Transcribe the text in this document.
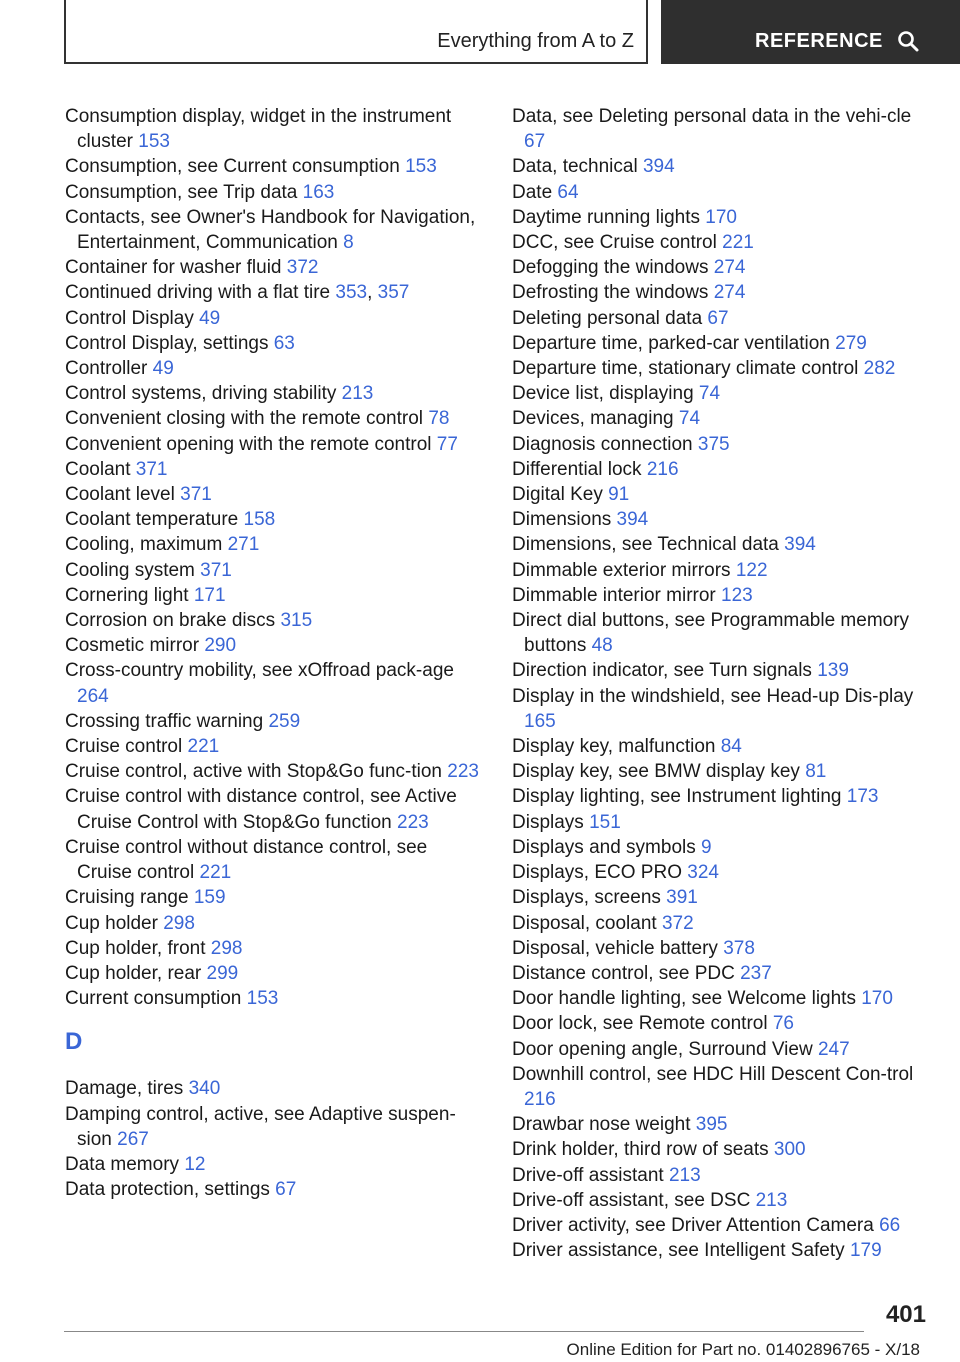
Everything from A to Z	REFERENCE
Consumption display, widget in the instrument cluster 153
Consumption, see Current consumption 153
Consumption, see Trip data 163
Contacts, see Owner's Handbook for Navigation, Entertainment, Communication 8
Container for washer fluid 372
Continued driving with a flat tire 353, 357
Control Display 49
Control Display, settings 63
Controller 49
Control systems, driving stability 213
Convenient closing with the remote control 78
Convenient opening with the remote control 77
Coolant 371
Coolant level 371
Coolant temperature 158
Cooling, maximum 271
Cooling system 371
Cornering light 171
Corrosion on brake discs 315
Cosmetic mirror 290
Cross-country mobility, see xOffroad pack-age 264
Crossing traffic warning 259
Cruise control 221
Cruise control, active with Stop&Go func-tion 223
Cruise control with distance control, see Active Cruise Control with Stop&Go function 223
Cruise control without distance control, see Cruise control 221
Cruising range 159
Cup holder 298
Cup holder, front 298
Cup holder, rear 299
Current consumption 153
D
Damage, tires 340
Damping control, active, see Adaptive suspen-sion 267
Data memory 12
Data protection, settings 67
Data, see Deleting personal data in the vehi-cle 67
Data, technical 394
Date 64
Daytime running lights 170
DCC, see Cruise control 221
Defogging the windows 274
Defrosting the windows 274
Deleting personal data 67
Departure time, parked-car ventilation 279
Departure time, stationary climate control 282
Device list, displaying 74
Devices, managing 74
Diagnosis connection 375
Differential lock 216
Digital Key 91
Dimensions 394
Dimensions, see Technical data 394
Dimmable exterior mirrors 122
Dimmable interior mirror 123
Direct dial buttons, see Programmable memory buttons 48
Direction indicator, see Turn signals 139
Display in the windshield, see Head-up Dis-play 165
Display key, malfunction 84
Display key, see BMW display key 81
Display lighting, see Instrument lighting 173
Displays 151
Displays and symbols 9
Displays, ECO PRO 324
Displays, screens 391
Disposal, coolant 372
Disposal, vehicle battery 378
Distance control, see PDC 237
Door handle lighting, see Welcome lights 170
Door lock, see Remote control 76
Door opening angle, Surround View 247
Downhill control, see HDC Hill Descent Con-trol 216
Drawbar nose weight 395
Drink holder, third row of seats 300
Drive-off assistant 213
Drive-off assistant, see DSC 213
Driver activity, see Driver Attention Camera 66
Driver assistance, see Intelligent Safety 179
401
Online Edition for Part no. 01402896765 - X/18
